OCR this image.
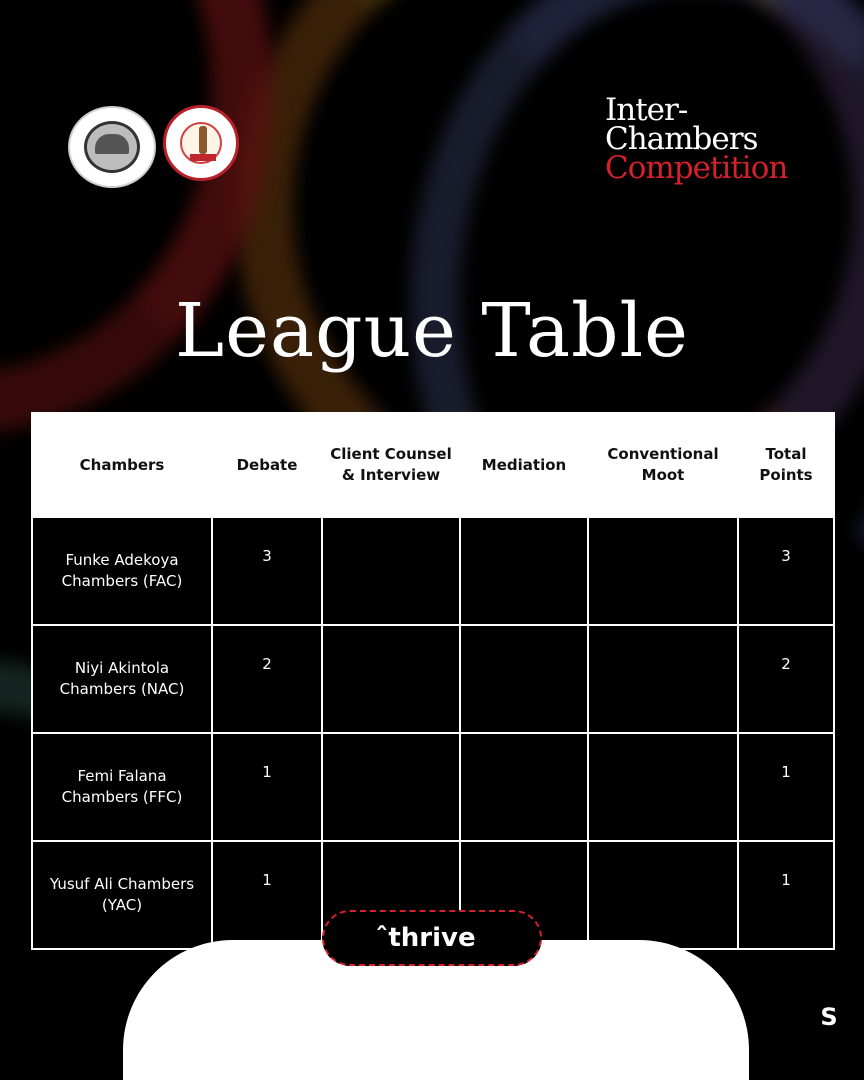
Inter-
Chambers
Competition
League Table
Chambers	Debate	Client Counsel & Interview	Mediation	Conventional Moot	Total Points
Funke Adekoya Chambers (FAC)	3				3
Niyi Akintola Chambers (NAC)	2				2
Femi Falana Chambers (FFC)	1				1
Yusuf Ali Chambers (YAC)	1				1
̂thrive
S
